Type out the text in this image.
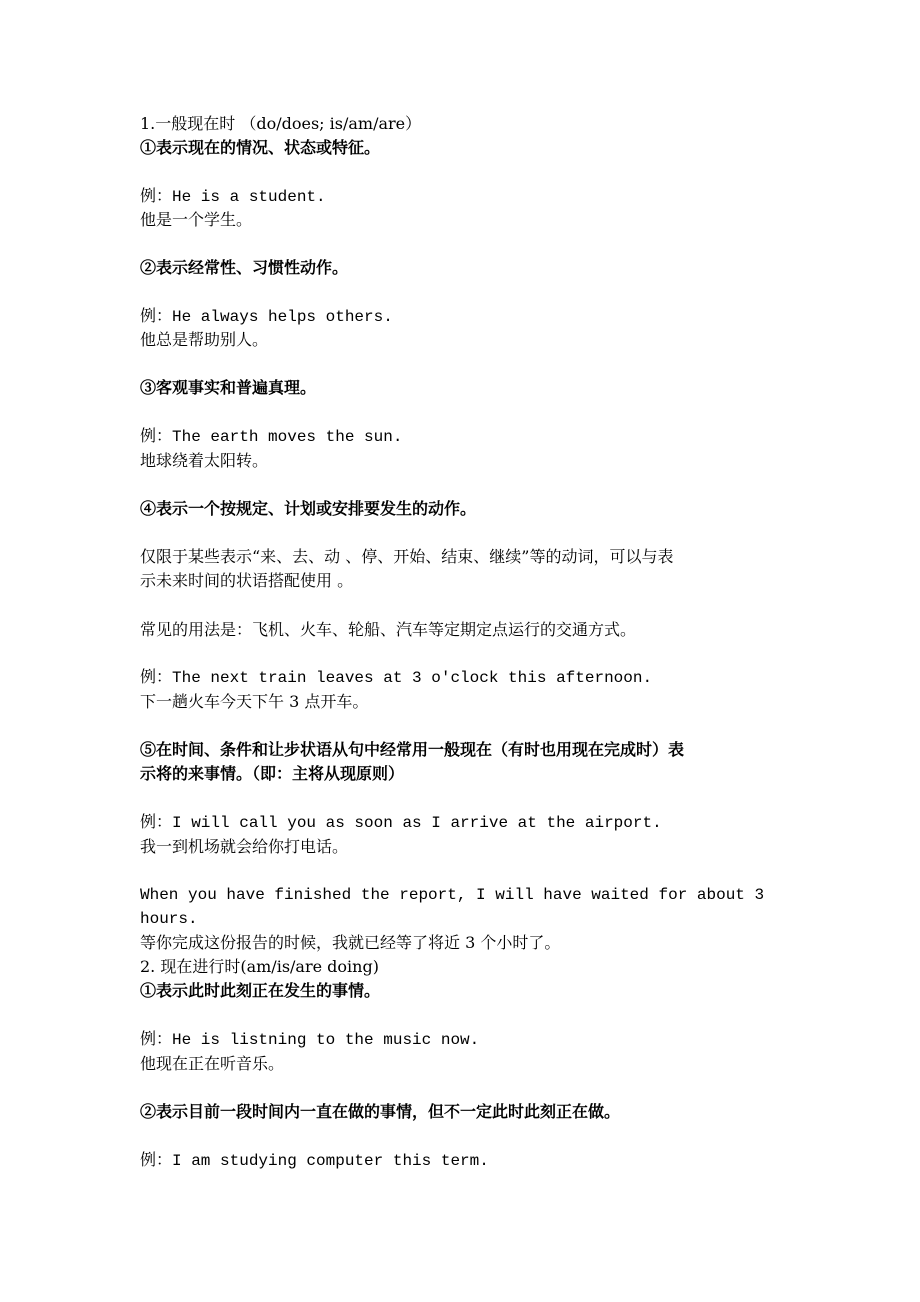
1.一般现在时 （do/does; is/am/are）

①表示现在的情况、状态或特征。

例：He is a student.

他是一个学生。

②表示经常性、习惯性动作。

例：He always helps others.

他总是帮助别人。

③客观事实和普遍真理。

例：The earth moves the sun.

地球绕着太阳转。

④表示一个按规定、计划或安排要发生的动作。

仅限于某些表示“来、去、动 、停、开始、结束、继续”等的动词，可以与表

示未来时间的状语搭配使用 。

常见的用法是：飞机、火车、轮船、汽车等定期定点运行的交通方式。

例：The next train leaves at 3 o'clock this afternoon.

下一趟火车今天下午 3 点开车。

⑤在时间、条件和让步状语从句中经常用一般现在（有时也用现在完成时）表

示将的来事情。（即：主将从现原则）

例：I will call you as soon as I arrive at the airport.

我一到机场就会给你打电话。

When you have finished the report, I will have waited for about 3

hours.

等你完成这份报告的时候，我就已经等了将近 3 个小时了。

2. 现在进行时(am/is/are doing)

①表示此时此刻正在发生的事情。

例：He is listning to the music now.

他现在正在听音乐。

②表示目前一段时间内一直在做的事情，但不一定此时此刻正在做。

例：I am studying computer this term.
